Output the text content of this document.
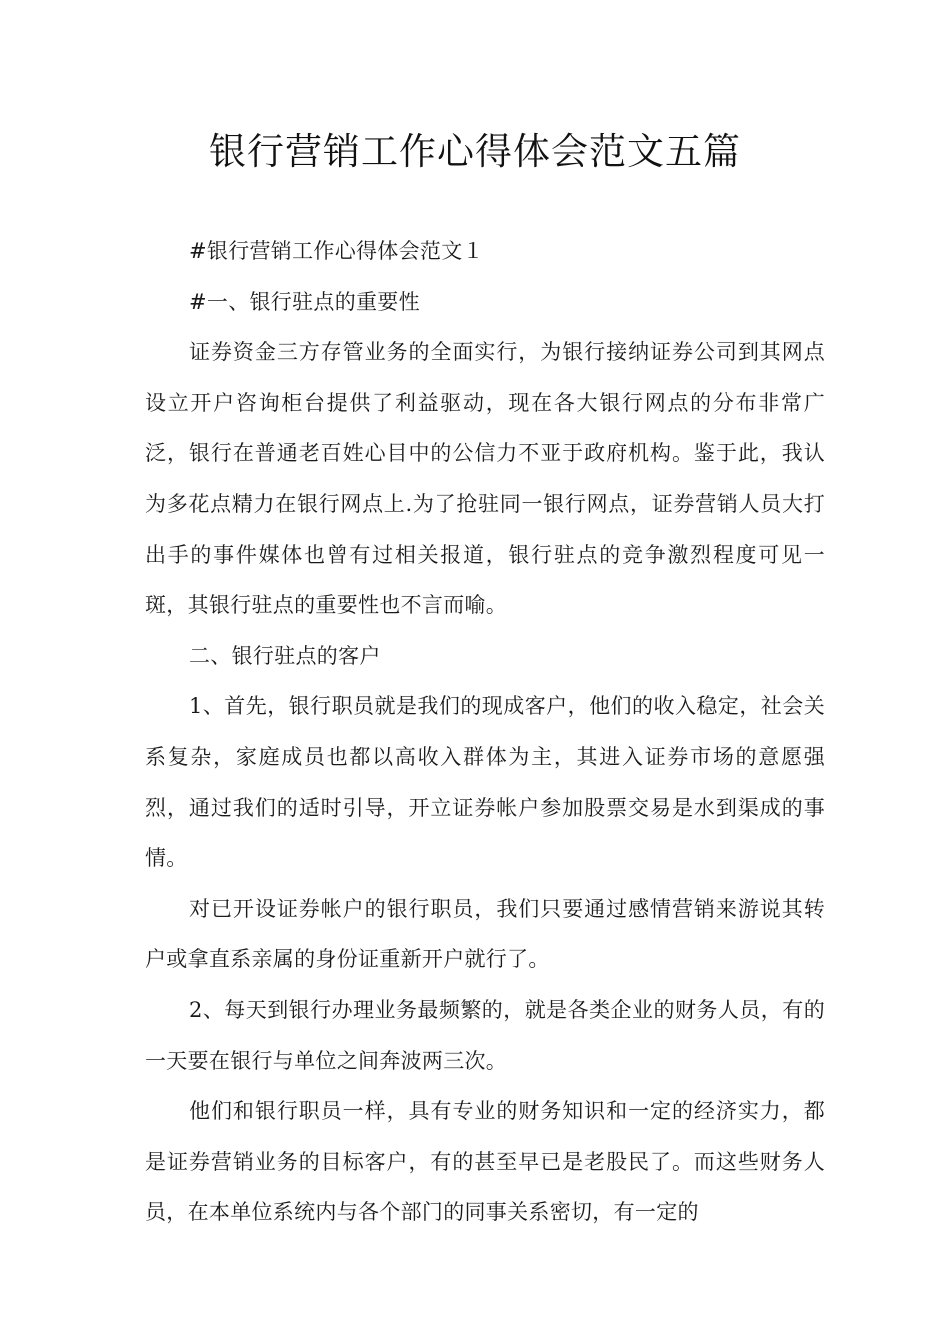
银行营销工作心得体会范文五篇

#银行营销工作心得体会范文１

#一、银行驻点的重要性

证券资金三方存管业务的全面实行，为银行接纳证券公司到其网点设立开户咨询柜台提供了利益驱动，现在各大银行网点的分布非常广泛，银行在普通老百姓心目中的公信力不亚于政府机构。鉴于此，我认为多花点精力在银行网点上.为了抢驻同一银行网点，证券营销人员大打出手的事件媒体也曾有过相关报道，银行驻点的竞争激烈程度可见一斑，其银行驻点的重要性也不言而喻。

二、银行驻点的客户

1、首先，银行职员就是我们的现成客户，他们的收入稳定，社会关系复杂，家庭成员也都以高收入群体为主，其进入证券市场的意愿强烈，通过我们的适时引导，开立证券帐户参加股票交易是水到渠成的事情。

对已开设证券帐户的银行职员，我们只要通过感情营销来游说其转户或拿直系亲属的身份证重新开户就行了。

2、每天到银行办理业务最频繁的，就是各类企业的财务人员，有的一天要在银行与单位之间奔波两三次。

他们和银行职员一样，具有专业的财务知识和一定的经济实力，都是证券营销业务的目标客户，有的甚至早已是老股民了。而这些财务人员，在本单位系统内与各个部门的同事关系密切，有一定的
